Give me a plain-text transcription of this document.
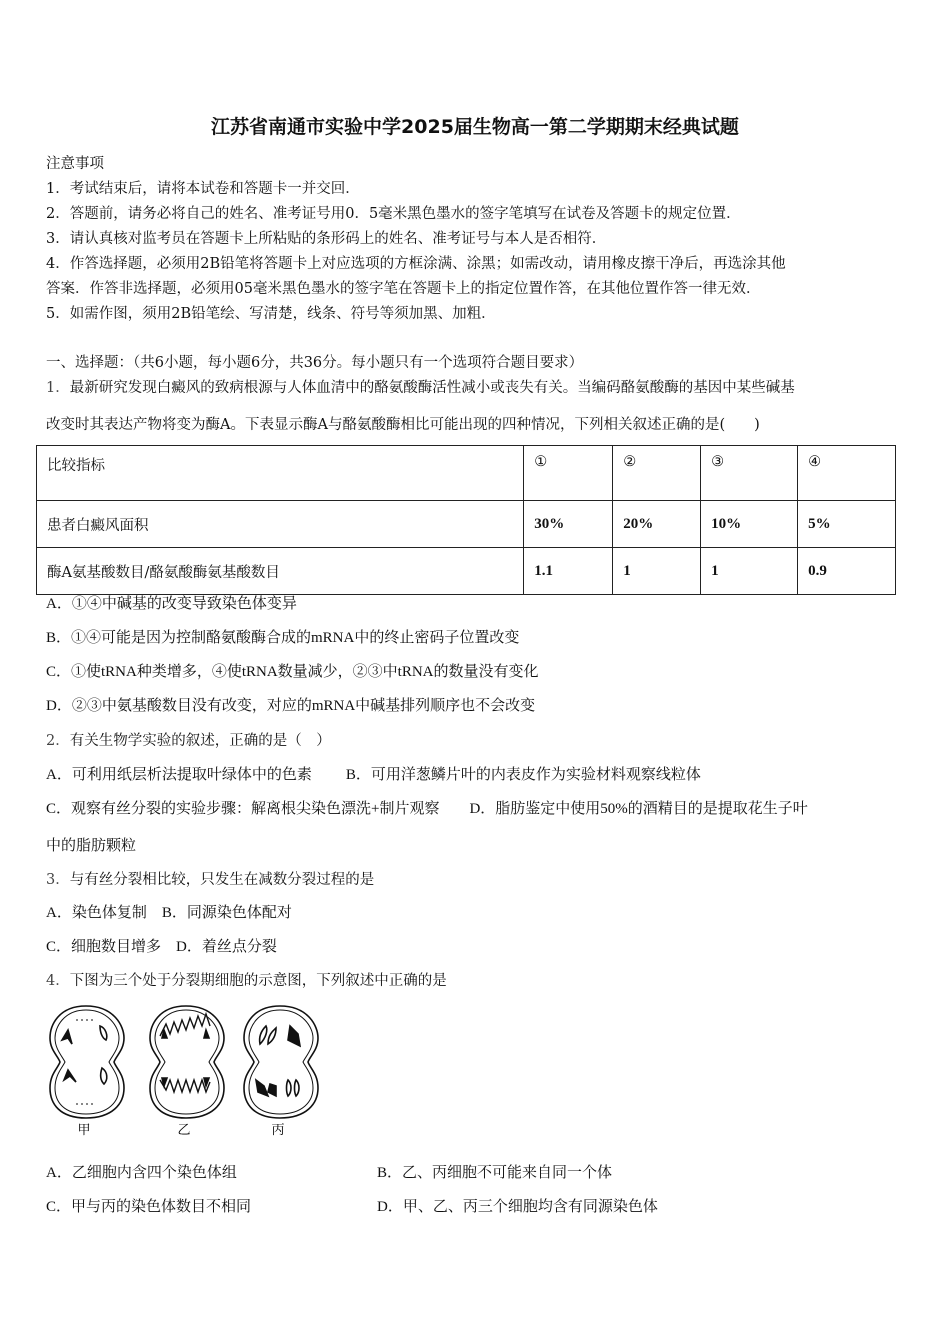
江苏省南通市实验中学2025届生物高一第二学期期末经典试题
注意事项
1．考试结束后，请将本试卷和答题卡一并交回．
2．答题前，请务必将自己的姓名、准考证号用0．5毫米黑色墨水的签字笔填写在试卷及答题卡的规定位置．
3．请认真核对监考员在答题卡上所粘贴的条形码上的姓名、准考证号与本人是否相符．
4．作答选择题，必须用2B铅笔将答题卡上对应选项的方框涂满、涂黑；如需改动，请用橡皮擦干净后，再选涂其他
答案．作答非选择题，必须用05毫米黑色墨水的签字笔在答题卡上的指定位置作答，在其他位置作答一律无效．
5．如需作图，须用2B铅笔绘、写清楚，线条、符号等须加黑、加粗．
一、选择题：（共6小题，每小题6分，共36分。每小题只有一个选项符合题目要求）
1．最新研究发现白癜风的致病根源与人体血清中的酪氨酸酶活性减小或丧失有关。当编码酪氨酸酶的基因中某些碱基
改变时其表达产物将变为酶A。下表显示酶A与酪氨酸酶相比可能出现的四种情况，下列相关叙述正确的是(　　)
比较指标	①	②	③	④
患者白癜风面积	30%	20%	10%	5%
酶A氨基酸数目/酪氨酸酶氨基酸数目	1.1	1	1	0.9
A．①④中碱基的改变导致染色体变异
B．①④可能是因为控制酪氨酸酶合成的mRNA中的终止密码子位置改变
C．①使tRNA种类增多，④使tRNA数量减少，②③中tRNA的数量没有变化
D．②③中氨基酸数目没有改变，对应的mRNA中碱基排列顺序也不会改变
2．有关生物学实验的叙述，正确的是（　）
A．可利用纸层析法提取叶绿体中的色素 B．可用洋葱鳞片叶的内表皮作为实验材料观察线粒体
C．观察有丝分裂的实验步骤：解离根尖染色漂洗+制片观察 D．脂肪鉴定中使用50%的酒精目的是提取花生子叶
中的脂肪颗粒
3．与有丝分裂相比较，只发生在减数分裂过程的是
A．染色体复制　B．同源染色体配对
C．细胞数目增多　D．着丝点分裂
4．下图为三个处于分裂期细胞的示意图，下列叙述中正确的是
甲	乙	丙
A．乙细胞内含四个染色体组	B．乙、丙细胞不可能来自同一个体
C．甲与丙的染色体数目不相同	D．甲、乙、丙三个细胞均含有同源染色体
